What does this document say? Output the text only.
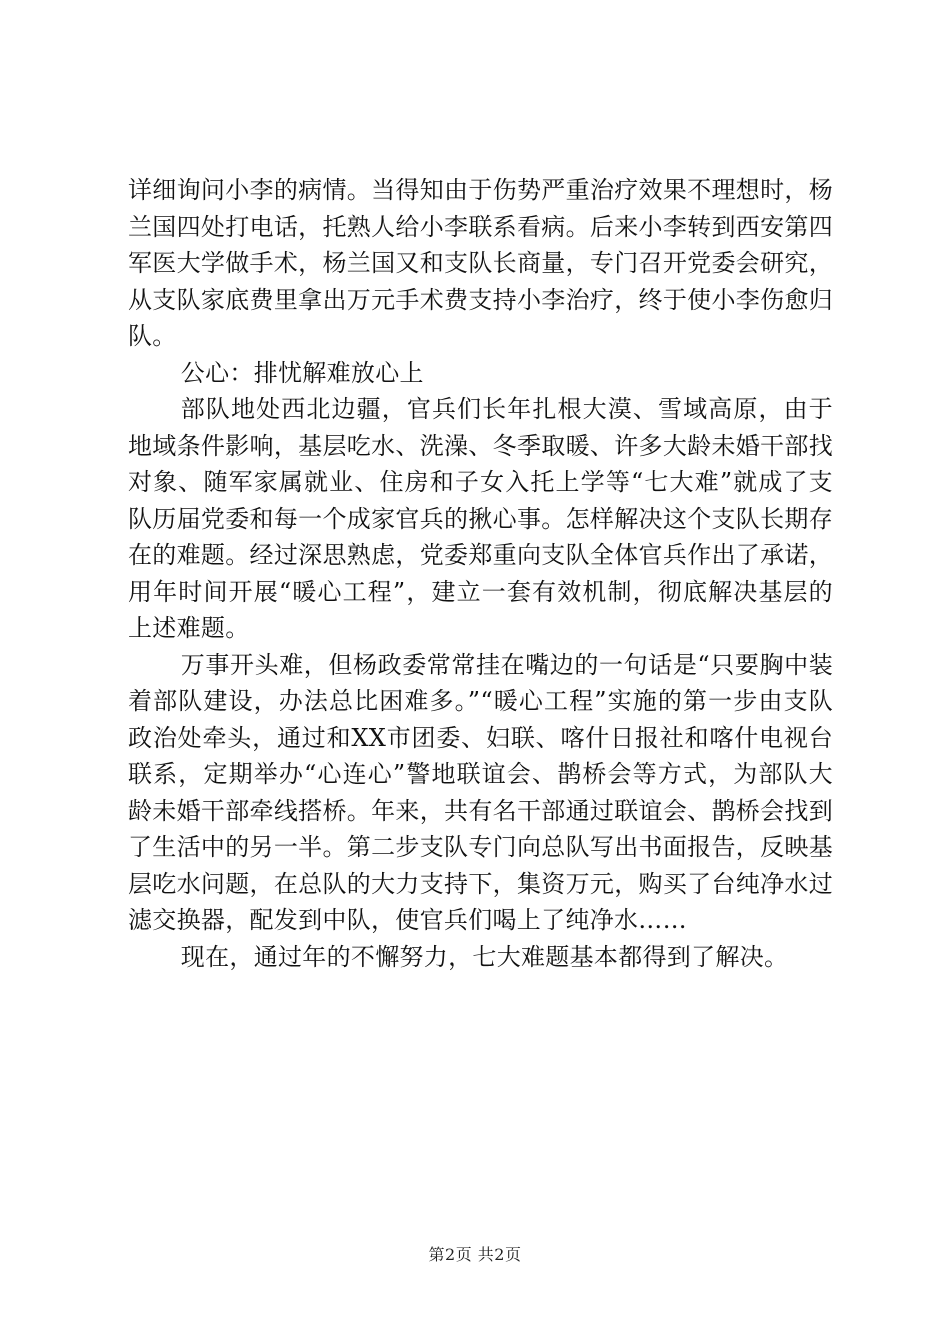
详细询问小李的病情。当得知由于伤势严重治疗效果不理想时，杨兰国四处打电话，托熟人给小李联系看病。后来小李转到西安第四军医大学做手术，杨兰国又和支队长商量，专门召开党委会研究，从支队家底费里拿出万元手术费支持小李治疗，终于使小李伤愈归队。

公心：排忧解难放心上

部队地处西北边疆，官兵们长年扎根大漠、雪域高原，由于地域条件影响，基层吃水、洗澡、冬季取暖、许多大龄未婚干部找对象、随军家属就业、住房和子女入托上学等“七大难”就成了支队历届党委和每一个成家官兵的揪心事。怎样解决这个支队长期存在的难题。经过深思熟虑，党委郑重向支队全体官兵作出了承诺，用年时间开展“暖心工程”，建立一套有效机制，彻底解决基层的上述难题。

万事开头难，但杨政委常常挂在嘴边的一句话是“只要胸中装着部队建设，办法总比困难多。”“暖心工程”实施的第一步由支队政治处牵头，通过和XX市团委、妇联、喀什日报社和喀什电视台联系，定期举办“心连心”警地联谊会、鹊桥会等方式，为部队大龄未婚干部牵线搭桥。年来，共有名干部通过联谊会、鹊桥会找到了生活中的另一半。第二步支队专门向总队写出书面报告，反映基层吃水问题，在总队的大力支持下，集资万元，购买了台纯净水过滤交换器，配发到中队，使官兵们喝上了纯净水……

现在，通过年的不懈努力，七大难题基本都得到了解决。

第2页 共2页
